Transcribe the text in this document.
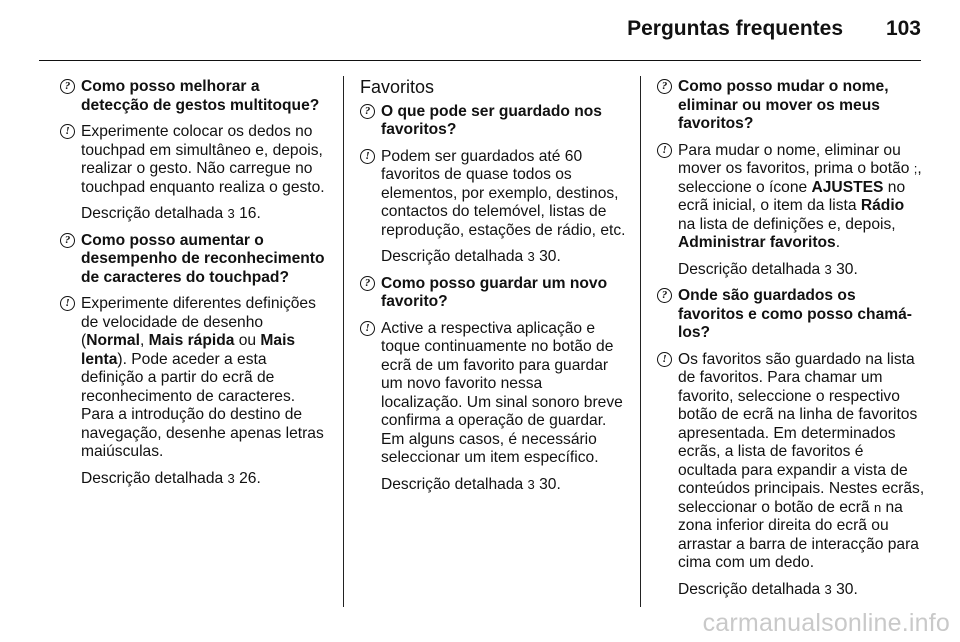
Perguntas frequentes 103
? Como posso melhorar a detecção de gestos multitoque?
! Experimente colocar os dedos no touchpad em simultâneo e, depois, realizar o gesto. Não carregue no touchpad enquanto realiza o gesto.
Descrição detalhada 3 16.
? Como posso aumentar o desempenho de reconhecimento de caracteres do touchpad?
! Experimente diferentes definições de velocidade de desenho (Normal, Mais rápida ou Mais lenta). Pode aceder a esta definição a partir do ecrã de reconhecimento de caracteres. Para a introdução do destino de navegação, desenhe apenas letras maiúsculas.
Descrição detalhada 3 26.
Favoritos
? O que pode ser guardado nos favoritos?
! Podem ser guardados até 60 favoritos de quase todos os elementos, por exemplo, destinos, contactos do telemóvel, listas de reprodução, estações de rádio, etc.
Descrição detalhada 3 30.
? Como posso guardar um novo favorito?
! Active a respectiva aplicação e toque continuamente no botão de ecrã de um favorito para guardar um novo favorito nessa localização. Um sinal sonoro breve confirma a operação de guardar. Em alguns casos, é necessário seleccionar um item específico.
Descrição detalhada 3 30.
? Como posso mudar o nome, eliminar ou mover os meus favoritos?
! Para mudar o nome, eliminar ou mover os favoritos, prima o botão ;, seleccione o ícone AJUSTES no ecrã inicial, o item da lista Rádio na lista de definições e, depois, Administrar favoritos.
Descrição detalhada 3 30.
? Onde são guardados os favoritos e como posso chamá-los?
! Os favoritos são guardado na lista de favoritos. Para chamar um favorito, seleccione o respectivo botão de ecrã na linha de favoritos apresentada. Em determinados ecrãs, a lista de favoritos é ocultada para expandir a vista de conteúdos principais. Nestes ecrãs, seleccionar o botão de ecrã n na zona inferior direita do ecrã ou arrastar a barra de interacção para cima com um dedo.
Descrição detalhada 3 30.
carmanualsonline.info
